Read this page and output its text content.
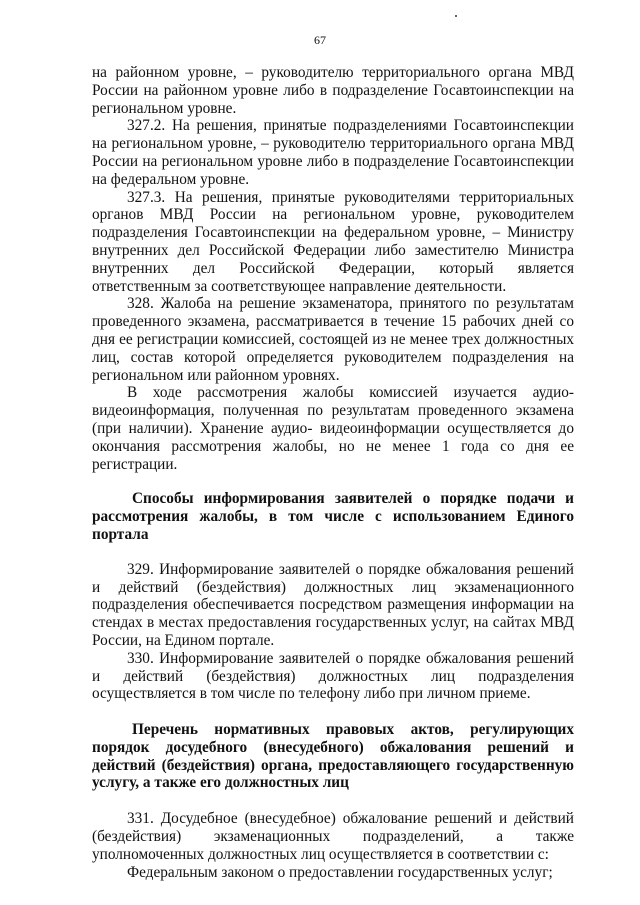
67

на районном уровне, – руководителю территориального органа МВД России на районном уровне либо в подразделение Госавтоинспекции на региональном уровне.

327.2. На решения, принятые подразделениями Госавтоинспекции на региональном уровне, – руководителю территориального органа МВД России на региональном уровне либо в подразделение Госавтоинспекции на федеральном уровне.

327.3. На решения, принятые руководителями территориальных органов МВД России на региональном уровне, руководителем подразделения Госавтоинспекции на федеральном уровне, – Министру внутренних дел Российской Федерации либо заместителю Министра внутренних дел Российской Федерации, который является ответственным за соответствующее направление деятельности.

328. Жалоба на решение экзаменатора, принятого по результатам проведенного экзамена, рассматривается в течение 15 рабочих дней со дня ее регистрации комиссией, состоящей из не менее трех должностных лиц, состав которой определяется руководителем подразделения на региональном или районном уровнях.

В ходе рассмотрения жалобы комиссией изучается аудио-видеоинформация, полученная по результатам проведенного экзамена (при наличии). Хранение аудио- видеоинформации осуществляется до окончания рассмотрения жалобы, но не менее 1 года со дня ее регистрации.

Способы информирования заявителей о порядке подачи и рассмотрения жалобы, в том числе с использованием Единого портала

329. Информирование заявителей о порядке обжалования решений и действий (бездействия) должностных лиц экзаменационного подразделения обеспечивается посредством размещения информации на стендах в местах предоставления государственных услуг, на сайтах МВД России, на Едином портале.

330. Информирование заявителей о порядке обжалования решений и действий (бездействия) должностных лиц подразделения осуществляется в том числе по телефону либо при личном приеме.

Перечень нормативных правовых актов, регулирующих порядок досудебного (внесудебного) обжалования решений и действий (бездействия) органа, предоставляющего государственную услугу, а также его должностных лиц

331. Досудебное (внесудебное) обжалование решений и действий (бездействия) экзаменационных подразделений, а также уполномоченных должностных лиц осуществляется в соответствии с:

Федеральным законом о предоставлении государственных услуг;
